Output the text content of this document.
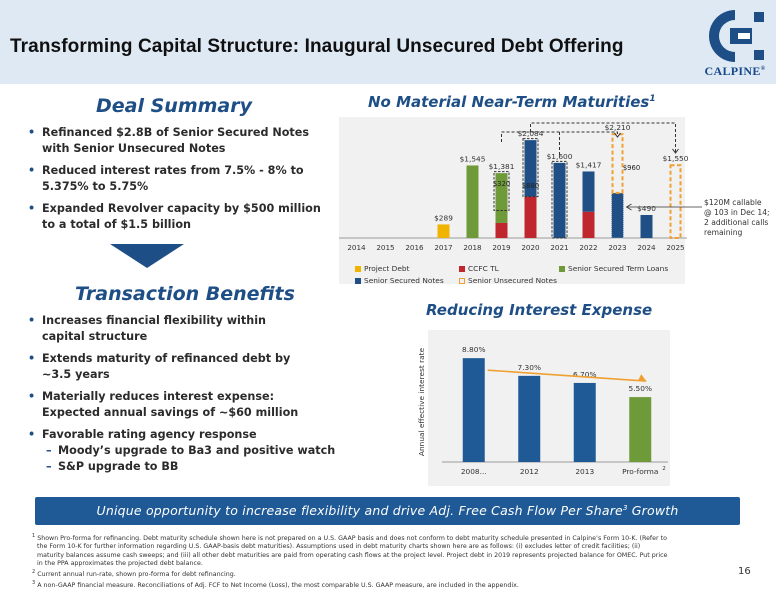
Transforming Capital Structure: Inaugural Unsecured Debt Offering
CALPINE®
Deal Summary
• Refinanced $2.8B of Senior Secured Notes
with Senior Unsecured Notes
• Reduced interest rates from 7.5% - 8% to
5.375% to 5.75%
• Expanded Revolver capacity by $500 million
to a total of $1.5 billion
Transaction Benefits
• Increases financial flexibility within
capital structure
• Extends maturity of refinanced debt by
~3.5 years
• Materially reduces interest expense:
Expected annual savings of ~$60 million
• Favorable rating agency response
– Moody’s upgrade to Ba3 and positive watch
– S&P upgrade to BB
No Material Near-Term Maturities$^1$
$289
$1,545
$1,381
$2,084
$1,600
$1,417
$2,210
$490
$1,550
$320 $880
$960
2014 2015 2016 2017 2018 2019 2020 2021 2022 2023 2024 2025
Project Debt	CCFC TL	Senior Secured Term Loans
Senior Secured Notes	Senior Unsecured Notes
$120M callable
@ 103 in Dec 14;
2 additional calls
remaining
Reducing Interest Expense
Annual effective interest rate	8.80%
2008...
7.30%
2012
6.70%
2013
5.50%
Pro-forma 2
Unique opportunity to increase flexibility and drive Adj. Free Cash Flow Per Share$^3$ Growth
$^1$ Shown Pro-forma for refinancing. Debt maturity schedule shown here is not prepared on a U.S. GAAP basis and does not conform to debt maturity schedule presented in Calpine’s Form 10-K. (Refer to
the Form 10-K for further information regarding U.S. GAAP-basis debt maturities). Assumptions used in debt maturity charts shown here are as follows: (i) excludes letter of credit facilities; (ii)
maturity balances assume cash sweeps; and (iii) all other debt maturities are paid from operating cash flows at the project level. Project debt in 2019 represents projected balance for OMEC. Put price
in the PPA approximates the projected debt balance.
$^2$ Current annual run-rate, shown pro-forma for debt refinancing.
$^3$ A non-GAAP financial measure. Reconciliations of Adj. FCF to Net Income (Loss), the most comparable U.S. GAAP measure, are included in the appendix.
16
